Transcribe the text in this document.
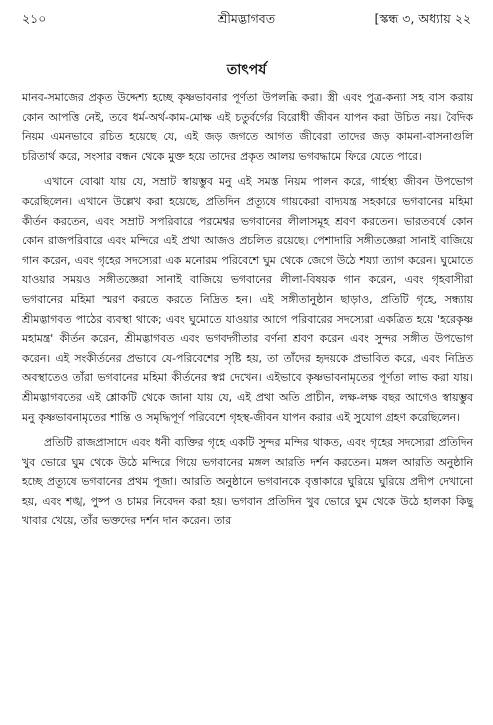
২১০	শ্রীমদ্ভাগবত	[স্কন্ধ ৩, অধ্যায় ২২
তাৎপর্য

মানব-সমাজের প্রকৃত উদ্দেশ্য হচ্ছে কৃষ্ণভাবনার পূর্ণতা উপলব্ধি করা। স্ত্রী এবং পুত্র-কন্যা সহ বাস করায় কোন আপত্তি নেই, তবে ধর্ম-অর্থ-কাম-মোক্ষ এই চতুর্বর্গের বিরোধী জীবন যাপন করা উচিত নয়। বৈদিক নিয়ম এমনভাবে রচিত হয়েছে যে, এই জড় জগতে আগত জীবেরা তাদের জড় কামনা-বাসনাগুলি চরিতার্থ করে, সংসার বন্ধন থেকে মুক্ত হয়ে তাদের প্রকৃত আলয় ভগবদ্ধামে ফিরে যেতে পারে।

এখানে বোঝা যায় যে, সম্রাট স্বায়ম্ভুব মনু এই সমস্ত নিয়ম পালন করে, গার্হস্থ্য জীবন উপভোগ করেছিলেন। এখানে উল্লেখ করা হয়েছে, প্রতিদিন প্রত্যূষে গায়কেরা বাদ্যযন্ত্র সহকারে ভগবানের মহিমা কীর্তন করতেন, এবং সম্রাট সপরিবারে পরমেশ্বর ভগবানের লীলাসমূহ শ্রবণ করতেন। ভারতবর্ষে কোন কোন রাজপরিবারে এবং মন্দিরে এই প্রথা আজও প্রচলিত রয়েছে। পেশাদারি সঙ্গীতজ্ঞেরা সানাই বাজিয়ে গান করেন, এবং গৃহের সদস্যেরা এক মনোরম পরিবেশে ঘুম থেকে জেগে উঠে শয্যা ত্যাগ করেন। ঘুমোতে যাওয়ার সময়ও সঙ্গীতজ্ঞেরা সানাই বাজিয়ে ভগবানের লীলা-বিষয়ক গান করেন, এবং গৃহবাসীরা ভগবানের মহিমা স্মরণ করতে করতে নিদ্রিত হন। এই সঙ্গীতানুষ্ঠান ছাড়াও, প্রতিটি গৃহে, সন্ধ্যায় শ্রীমদ্ভাগবত পাঠের ব্যবস্থা থাকে; এবং ঘুমোতে যাওয়ার আগে পরিবারের সদস্যেরা একত্রিত হয়ে 'হরেকৃষ্ণ মহামন্ত্র' কীর্তন করেন, শ্রীমদ্ভাগবত এবং ভগবদ্গীতার বর্ণনা শ্রবণ করেন এবং সুন্দর সঙ্গীত উপভোগ করেন। এই সংকীর্তনের প্রভাবে যে-পরিবেশের সৃষ্টি হয়, তা তাঁদের হৃদয়কে প্রভাবিত করে, এবং নিদ্রিত অবস্থাতেও তাঁরা ভগবানের মহিমা কীর্তনের স্বপ্ন দেখেন। এইভাবে কৃষ্ণভাবনামৃতের পূর্ণতা লাভ করা যায়। শ্রীমদ্ভাগবতের এই শ্লোকটি থেকে জানা যায় যে, এই প্রথা অতি প্রাচীন, লক্ষ-লক্ষ বছর আগেও স্বায়ম্ভুব মনু কৃষ্ণভাবনামৃতের শান্তি ও সমৃদ্ধিপূর্ণ পরিবেশে গৃহস্থ-জীবন যাপন করার এই সুযোগ গ্রহণ করেছিলেন।

প্রতিটি রাজপ্রাসাদে এবং ধনী ব্যক্তির গৃহে একটি সুন্দর মন্দির থাকত, এবং গৃহের সদস্যেরা প্রতিদিন খুব ভোরে ঘুম থেকে উঠে মন্দিরে গিয়ে ভগবানের মঙ্গল আরতি দর্শন করতেন। মঙ্গল আরতি অনুষ্ঠানি হচ্ছে প্রত্যূষে ভগবানের প্রথম পূজা। আরতি অনুষ্ঠানে ভগবানকে বৃত্তাকারে ঘুরিয়ে ঘুরিয়ে প্রদীপ দেখানো হয়, এবং শঙ্খ, পুষ্প ও চামর নিবেদন করা হয়। ভগবান প্রতিদিন খুব ভোরে ঘুম থেকে উঠে হালকা কিছু খাবার খেয়ে, তাঁর ভক্তদের দর্শন দান করেন। তার
